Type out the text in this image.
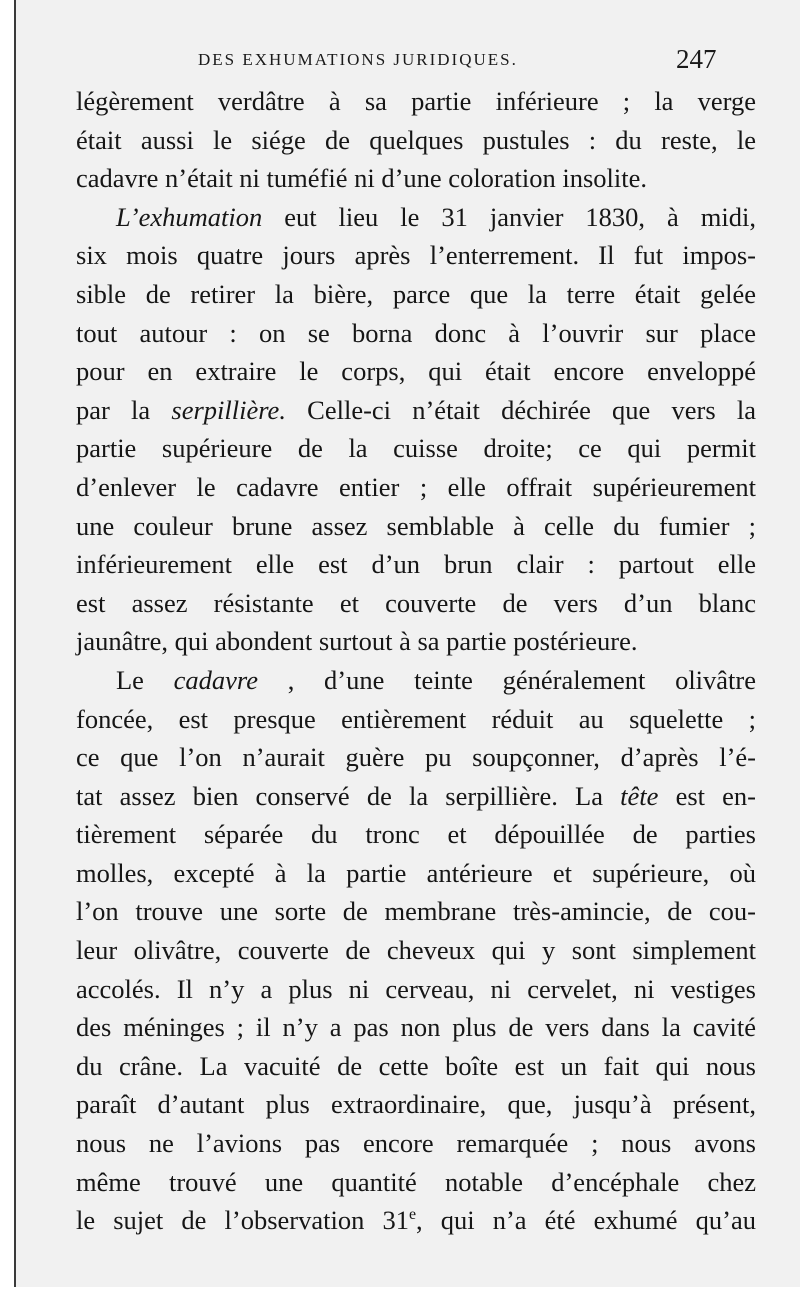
DES EXHUMATIONS JURIDIQUES.	247
légèrement verdâtre à sa partie inférieure ; la verge
était aussi le siége de quelques pustules : du reste, le
cadavre n’était ni tuméfié ni d’une coloration insolite.
L’exhumation eut lieu le 31 janvier 1830, à midi,
six mois quatre jours après l’enterrement. Il fut impos-
sible de retirer la bière, parce que la terre était gelée
tout autour : on se borna donc à l’ouvrir sur place
pour en extraire le corps, qui était encore enveloppé
par la serpillière. Celle-ci n’était déchirée que vers la
partie supérieure de la cuisse droite; ce qui permit
d’enlever le cadavre entier ; elle offrait supérieurement
une couleur brune assez semblable à celle du fumier ;
inférieurement elle est d’un brun clair : partout elle
est assez résistante et couverte de vers d’un blanc
jaunâtre, qui abondent surtout à sa partie postérieure.
Le cadavre , d’une teinte généralement olivâtre
foncée, est presque entièrement réduit au squelette ;
ce que l’on n’aurait guère pu soupçonner, d’après l’é-
tat assez bien conservé de la serpillière. La tête est en-
tièrement séparée du tronc et dépouillée de parties
molles, excepté à la partie antérieure et supérieure, où
l’on trouve une sorte de membrane très-amincie, de cou-
leur olivâtre, couverte de cheveux qui y sont simplement
accolés. Il n’y a plus ni cerveau, ni cervelet, ni vestiges
des méninges ; il n’y a pas non plus de vers dans la cavité
du crâne. La vacuité de cette boîte est un fait qui nous
paraît d’autant plus extraordinaire, que, jusqu’à présent,
nous ne l’avions pas encore remarquée ; nous avons
même trouvé une quantité notable d’encéphale chez
le sujet de l’observation 31e, qui n’a été exhumé qu’au
